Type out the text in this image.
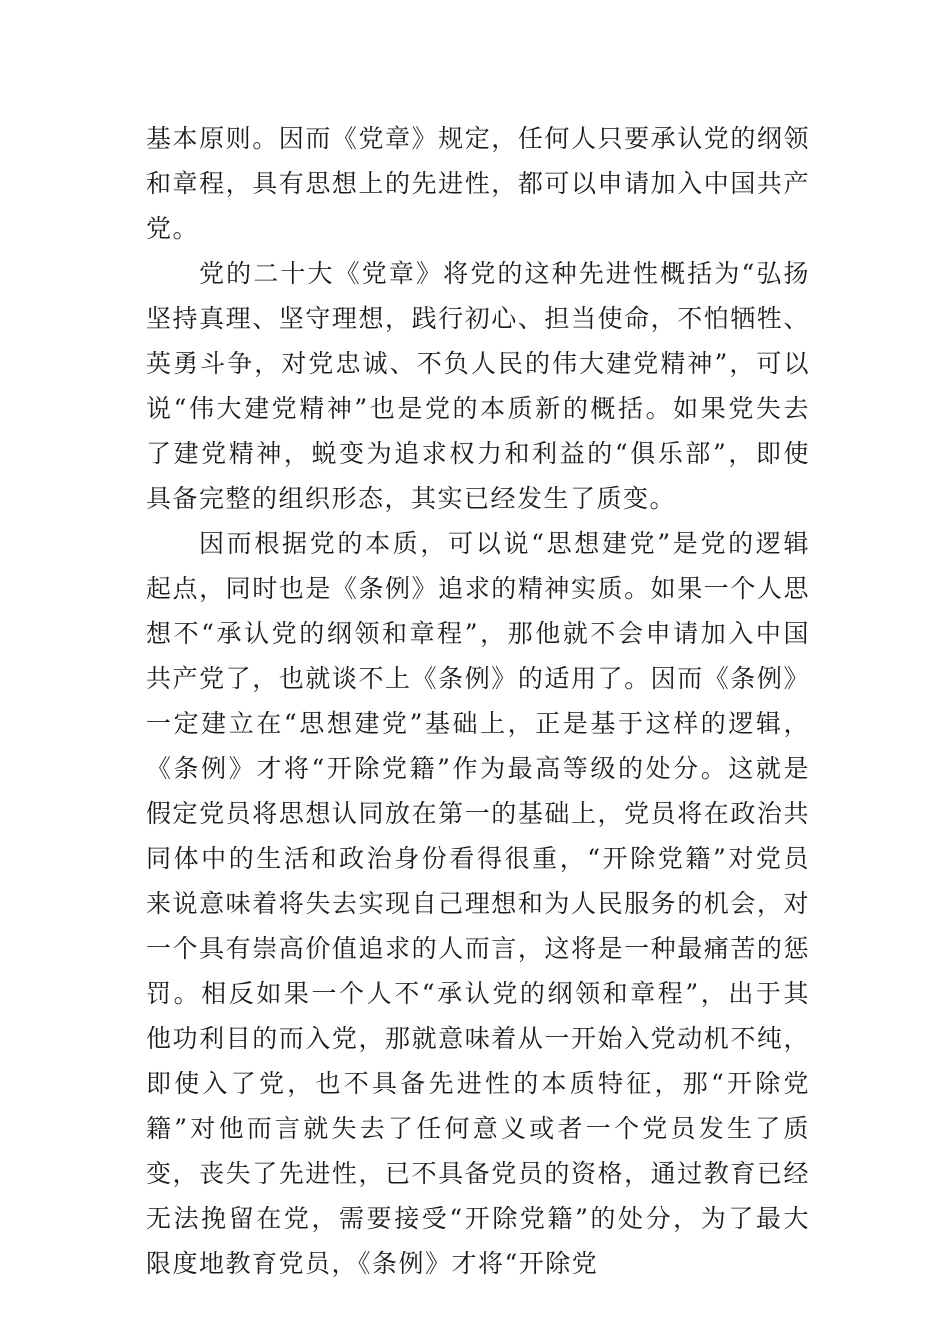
基本原则。因而《党章》规定，任何人只要承认党的纲领和章程，具有思想上的先进性，都可以申请加入中国共产党。

党的二十大《党章》将党的这种先进性概括为“弘扬坚持真理、坚守理想，践行初心、担当使命，不怕牺牲、英勇斗争，对党忠诚、不负人民的伟大建党精神”，可以说“伟大建党精神”也是党的本质新的概括。如果党失去了建党精神，蜕变为追求权力和利益的“俱乐部”，即使具备完整的组织形态，其实已经发生了质变。

因而根据党的本质，可以说“思想建党”是党的逻辑起点，同时也是《条例》追求的精神实质。如果一个人思想不“承认党的纲领和章程”，那他就不会申请加入中国共产党了，也就谈不上《条例》的适用了。因而《条例》一定建立在“思想建党”基础上，正是基于这样的逻辑，《条例》才将“开除党籍”作为最高等级的处分。这就是假定党员将思想认同放在第一的基础上，党员将在政治共同体中的生活和政治身份看得很重，“开除党籍”对党员来说意味着将失去实现自己理想和为人民服务的机会，对一个具有崇高价值追求的人而言，这将是一种最痛苦的惩罚。相反如果一个人不“承认党的纲领和章程”，出于其他功利目的而入党，那就意味着从一开始入党动机不纯，即使入了党，也不具备先进性的本质特征，那“开除党籍”对他而言就失去了任何意义或者一个党员发生了质变，丧失了先进性，已不具备党员的资格，通过教育已经无法挽留在党，需要接受“开除党籍”的处分，为了最大限度地教育党员，《条例》才将“开除党
